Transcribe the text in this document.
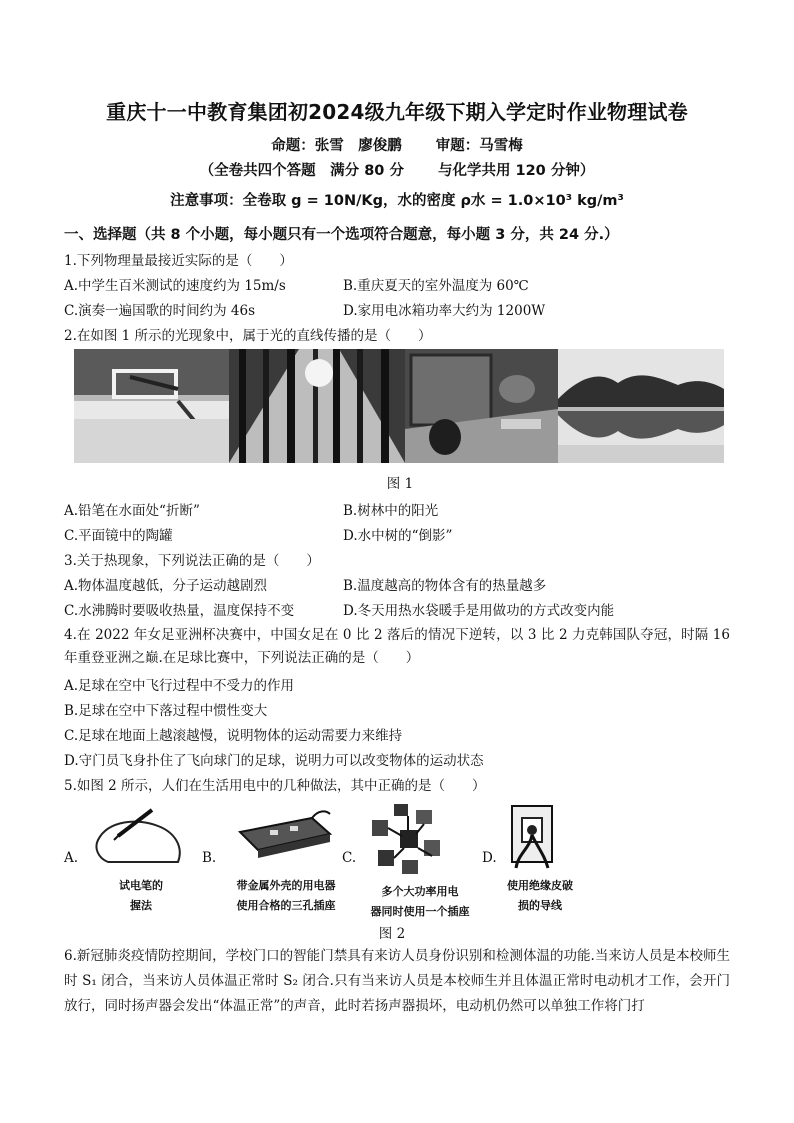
重庆十一中教育集团初2024级九年级下期入学定时作业物理试卷
命题：张雪　廖俊鹏 审题：马雪梅
（全卷共四个答题　满分 80 分 与化学共用 120 分钟）
注意事项：全卷取 g = 10N/Kg，水的密度 ρ水 = 1.0×10³ kg/m³
一、选择题（共 8 个小题，每小题只有一个选项符合题意，每小题 3 分，共 24 分.）
1.下列物理量最接近实际的是（　　）
A.中学生百米测试的速度约为 15m/s	B.重庆夏天的室外温度为 60℃
C.演奏一遍国歌的时间约为 46s	D.家用电冰箱功率大约为 1200W
2.在如图 1 所示的光现象中，属于光的直线传播的是（　　）
图 1
A.铅笔在水面处“折断”	B.树林中的阳光
C.平面镜中的陶罐	D.水中树的“倒影”
3.关于热现象，下列说法正确的是（　　）
A.物体温度越低，分子运动越剧烈	B.温度越高的物体含有的热量越多
C.水沸腾时要吸收热量，温度保持不变	D.冬天用热水袋暖手是用做功的方式改变内能
4.在 2022 年女足亚洲杯决赛中，中国女足在 0 比 2 落后的情况下逆转，以 3 比 2 力克韩国队夺冠，时隔 16 年重登亚洲之巅.在足球比赛中，下列说法正确的是（　　）
A.足球在空中飞行过程中不受力的作用
B.足球在空中下落过程中惯性变大
C.足球在地面上越滚越慢，说明物体的运动需要力来维持
D.守门员飞身扑住了飞向球门的足球，说明力可以改变物体的运动状态
5.如图 2 所示，人们在生活用电中的几种做法，其中正确的是（　　）
A.
试电笔的
握法
B.
带金属外壳的用电器
使用合格的三孔插座
C.
多个大功率用电
器同时使用一个插座
D.
使用绝缘皮破
损的导线
图 2
6.新冠肺炎疫情防控期间，学校门口的智能门禁具有来访人员身份识别和检测体温的功能.当来访人员是本校师生时 S₁ 闭合，当来访人员体温正常时 S₂ 闭合.只有当来访人员是本校师生并且体温正常时电动机才工作，会开门放行，同时扬声器会发出“体温正常”的声音，此时若扬声器损坏，电动机仍然可以单独工作将门打
